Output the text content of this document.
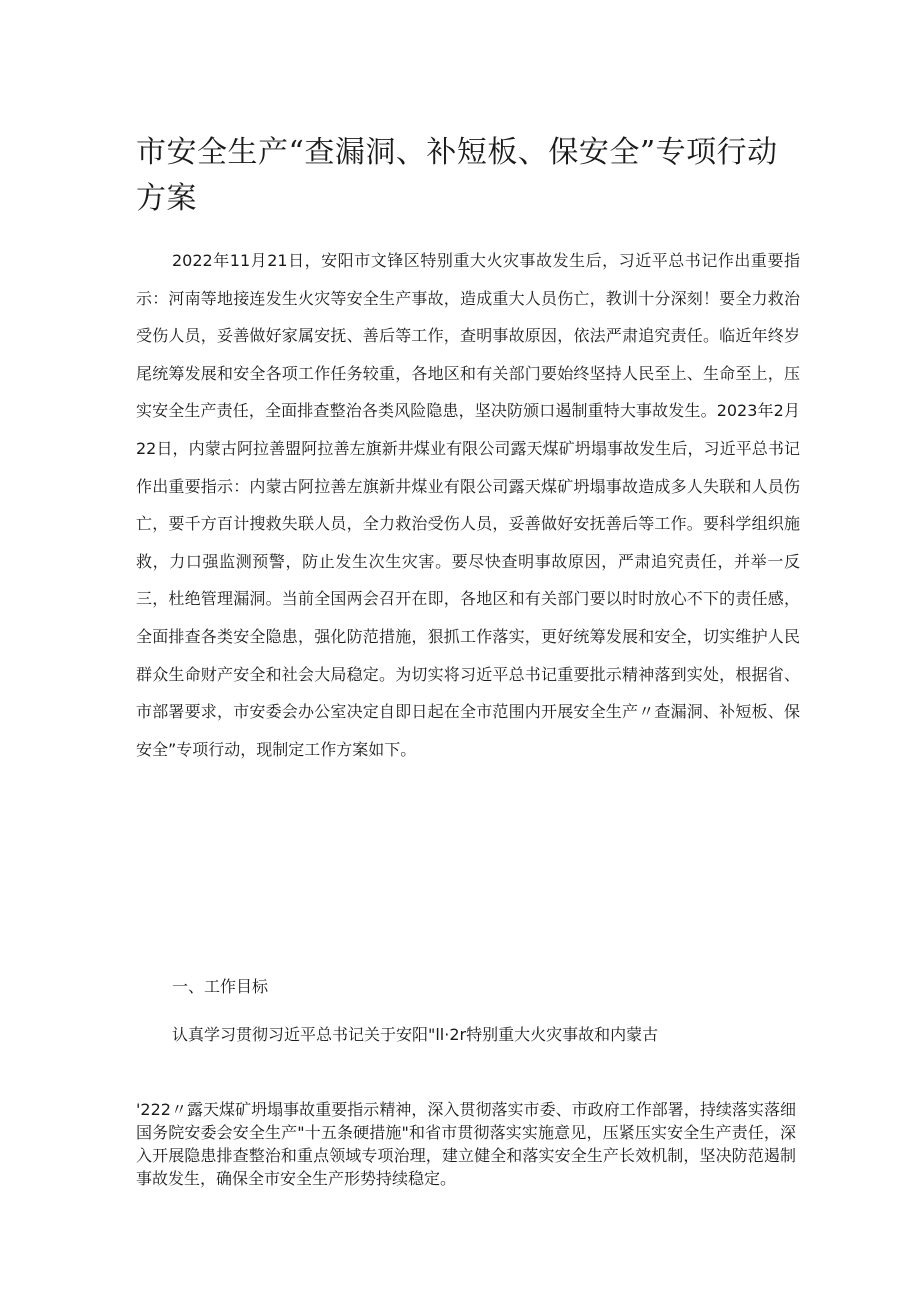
市安全生产“查漏洞、补短板、保安全”专项行动方案

2022年11月21日，安阳市文锋区特别重大火灾事故发生后，习近平总书记作出重要指示：河南等地接连发生火灾等安全生产事故，造成重大人员伤亡，教训十分深刻！要全力救治受伤人员，妥善做好家属安抚、善后等工作，查明事故原因，依法严肃追究责任。临近年终岁尾统筹发展和安全各项工作任务较重，各地区和有关部门要始终坚持人民至上、生命至上，压实安全生产责任，全面排查整治各类风险隐患，坚决防颁口遏制重特大事故发生。2023年2月22日，内蒙古阿拉善盟阿拉善左旗新井煤业有限公司露天煤矿坍塌事故发生后，习近平总书记作出重要指示：内蒙古阿拉善左旗新井煤业有限公司露天煤矿坍塌事故造成多人失联和人员伤亡，要千方百计搜救失联人员，全力救治受伤人员，妥善做好安抚善后等工作。要科学组织施救，力口强监测预警，防止发生次生灾害。要尽快查明事故原因，严肃追究责任，并举一反三，杜绝管理漏洞。当前全国两会召开在即，各地区和有关部门要以时时放心不下的责任感，全面排查各类安全隐患，强化防范措施，狠抓工作落实，更好统筹发展和安全，切实维护人民群众生命财产安全和社会大局稳定。为切实将习近平总书记重要批示精神落到实处，根据省、市部署要求，市安委会办公室决定自即日起在全市范围内开展安全生产〃查漏洞、补短板、保安全”专项行动，现制定工作方案如下。

一、工作目标

认真学习贯彻习近平总书记关于安阳"ll·2r特别重大火灾事故和内蒙古

'222〃露天煤矿坍塌事故重要指示精神，深入贯彻落实市委、市政府工作部署，持续落实落细国务院安委会安全生产"十五条硬措施"和省市贯彻落实实施意见，压紧压实安全生产责任，深入开展隐患排查整治和重点领域专项治理，建立健全和落实安全生产长效机制，坚决防范遏制事故发生，确保全市安全生产形势持续稳定。
